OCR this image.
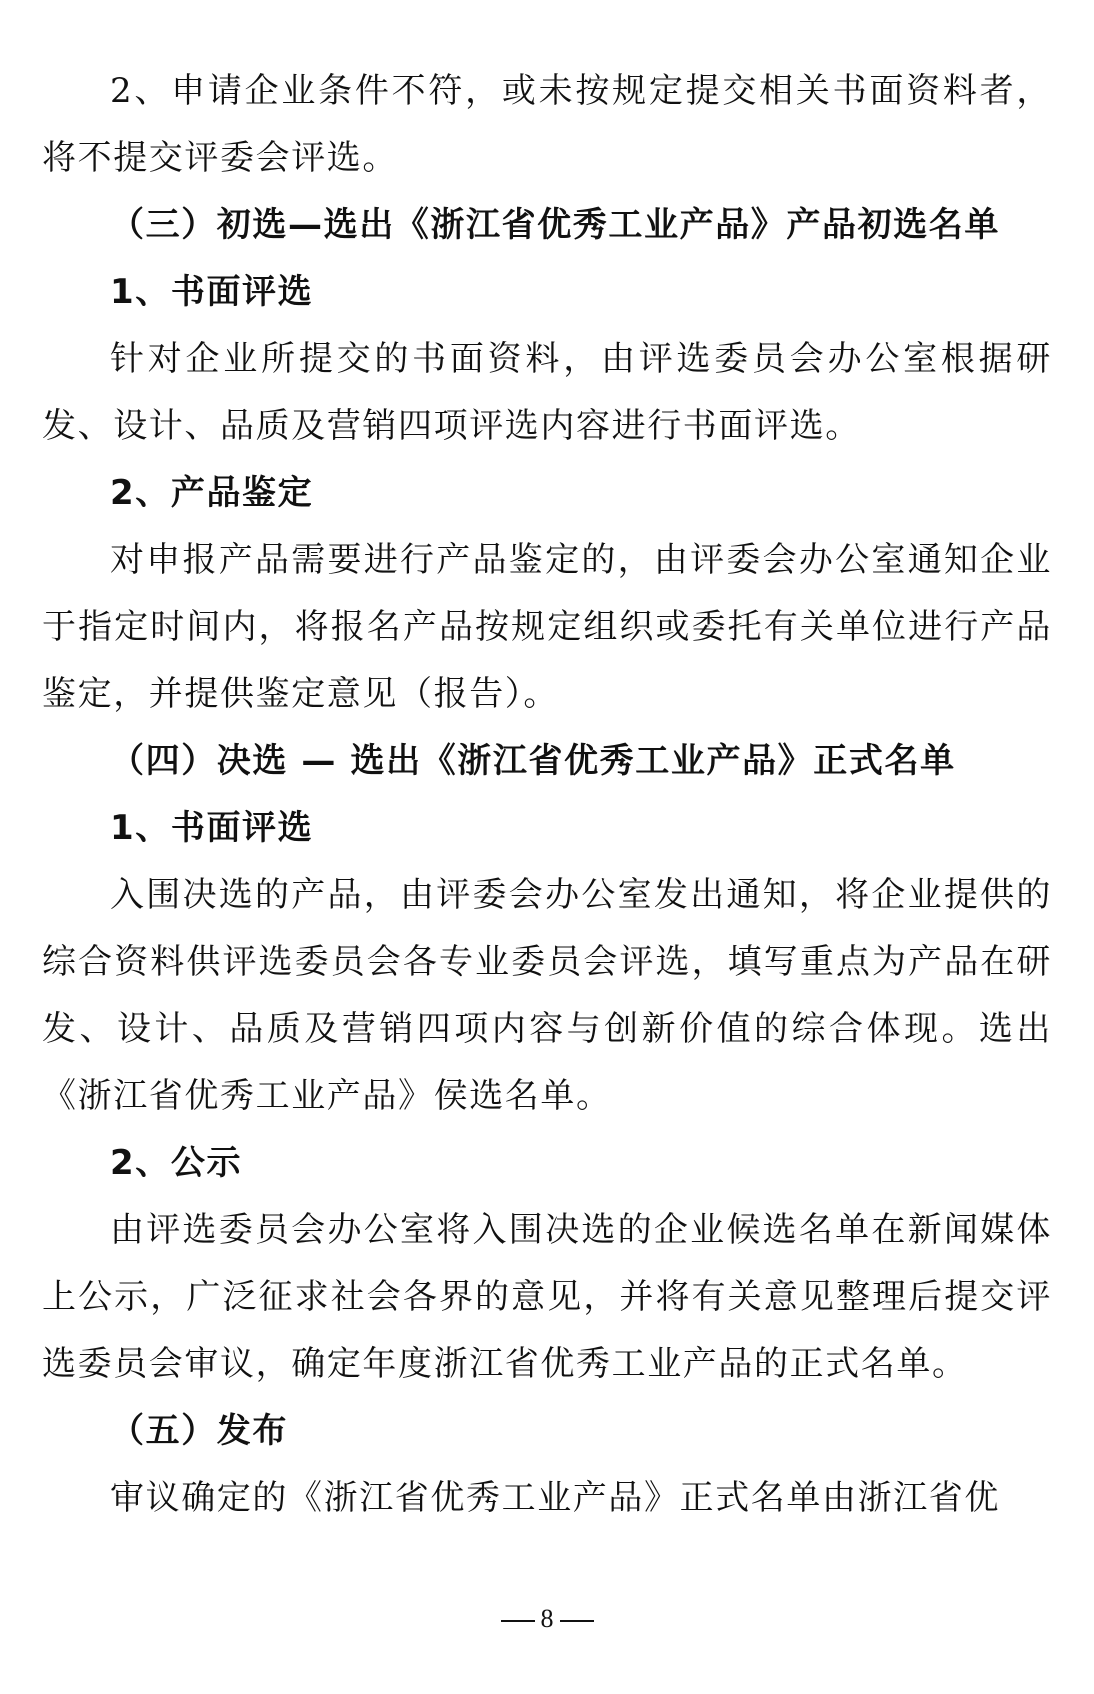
2、申请企业条件不符，或未按规定提交相关书面资料者，将不提交评委会评选。

（三）初选—选出《浙江省优秀工业产品》产品初选名单

1、书面评选

针对企业所提交的书面资料，由评选委员会办公室根据研发、设计、品质及营销四项评选内容进行书面评选。

2、产品鉴定

对申报产品需要进行产品鉴定的，由评委会办公室通知企业于指定时间内，将报名产品按规定组织或委托有关单位进行产品鉴定，并提供鉴定意见（报告）。

（四）决选 — 选出《浙江省优秀工业产品》正式名单

1、书面评选

入围决选的产品，由评委会办公室发出通知，将企业提供的综合资料供评选委员会各专业委员会评选，填写重点为产品在研发、设计、品质及营销四项内容与创新价值的综合体现。选出《浙江省优秀工业产品》侯选名单。

2、公示

由评选委员会办公室将入围决选的企业候选名单在新闻媒体上公示，广泛征求社会各界的意见，并将有关意见整理后提交评选委员会审议，确定年度浙江省优秀工业产品的正式名单。

（五）发布

审议确定的《浙江省优秀工业产品》正式名单由浙江省优

8
